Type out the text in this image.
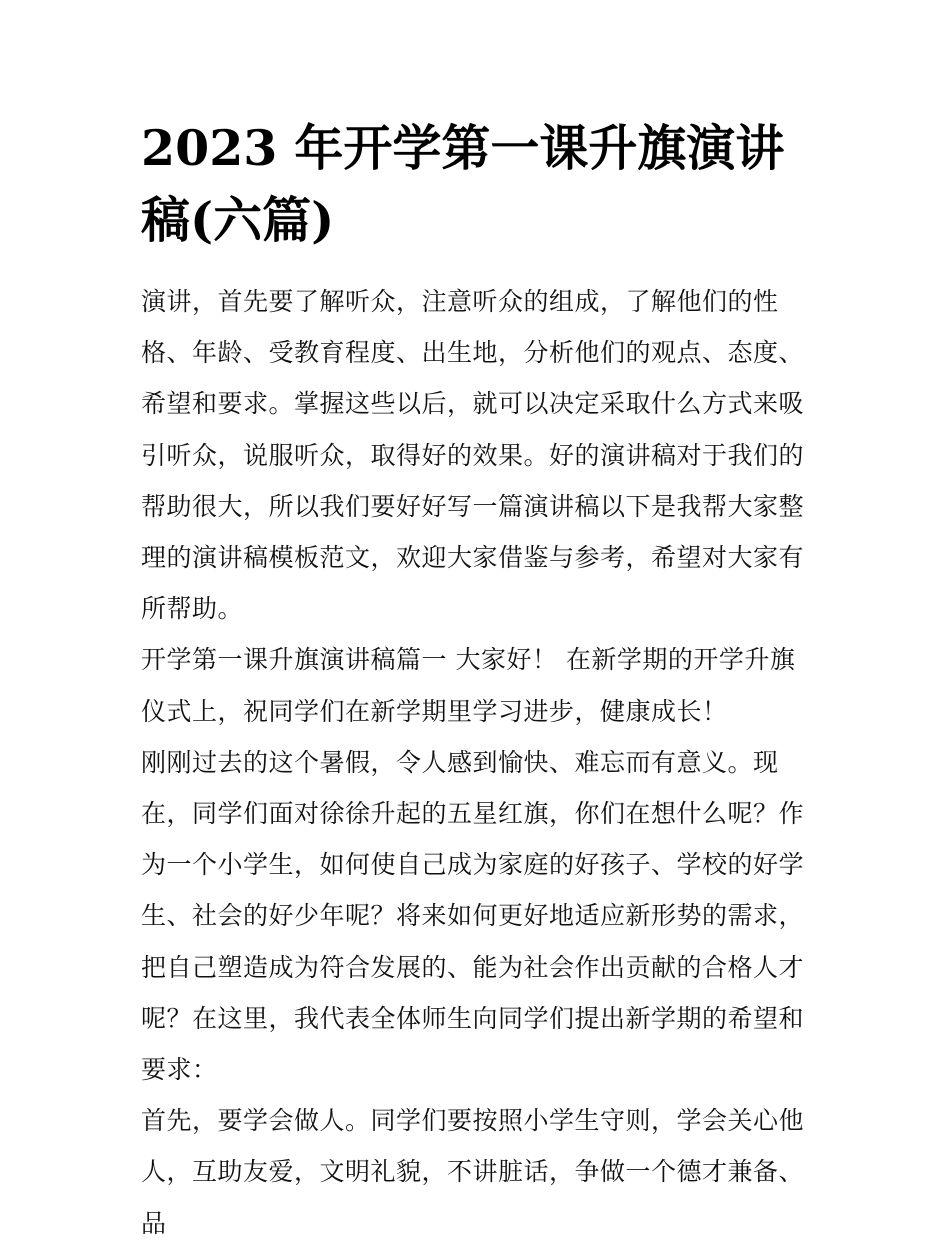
2023 年开学第一课升旗演讲稿(六篇)

演讲，首先要了解听众，注意听众的组成，了解他们的性格、年龄、受教育程度、出生地，分析他们的观点、态度、希望和要求。掌握这些以后，就可以决定采取什么方式来吸引听众，说服听众，取得好的效果。好的演讲稿对于我们的帮助很大，所以我们要好好写一篇演讲稿以下是我帮大家整理的演讲稿模板范文，欢迎大家借鉴与参考，希望对大家有所帮助。

开学第一课升旗演讲稿篇一 大家好！ 在新学期的开学升旗仪式上，祝同学们在新学期里学习进步，健康成长！

刚刚过去的这个暑假，令人感到愉快、难忘而有意义。现在，同学们面对徐徐升起的五星红旗，你们在想什么呢？作为一个小学生，如何使自己成为家庭的好孩子、学校的好学生、社会的好少年呢？将来如何更好地适应新形势的需求，把自己塑造成为符合发展的、能为社会作出贡献的合格人才呢？在这里，我代表全体师生向同学们提出新学期的希望和要求：

首先，要学会做人。同学们要按照小学生守则，学会关心他人，互助友爱，文明礼貌，不讲脏话，争做一个德才兼备、品
